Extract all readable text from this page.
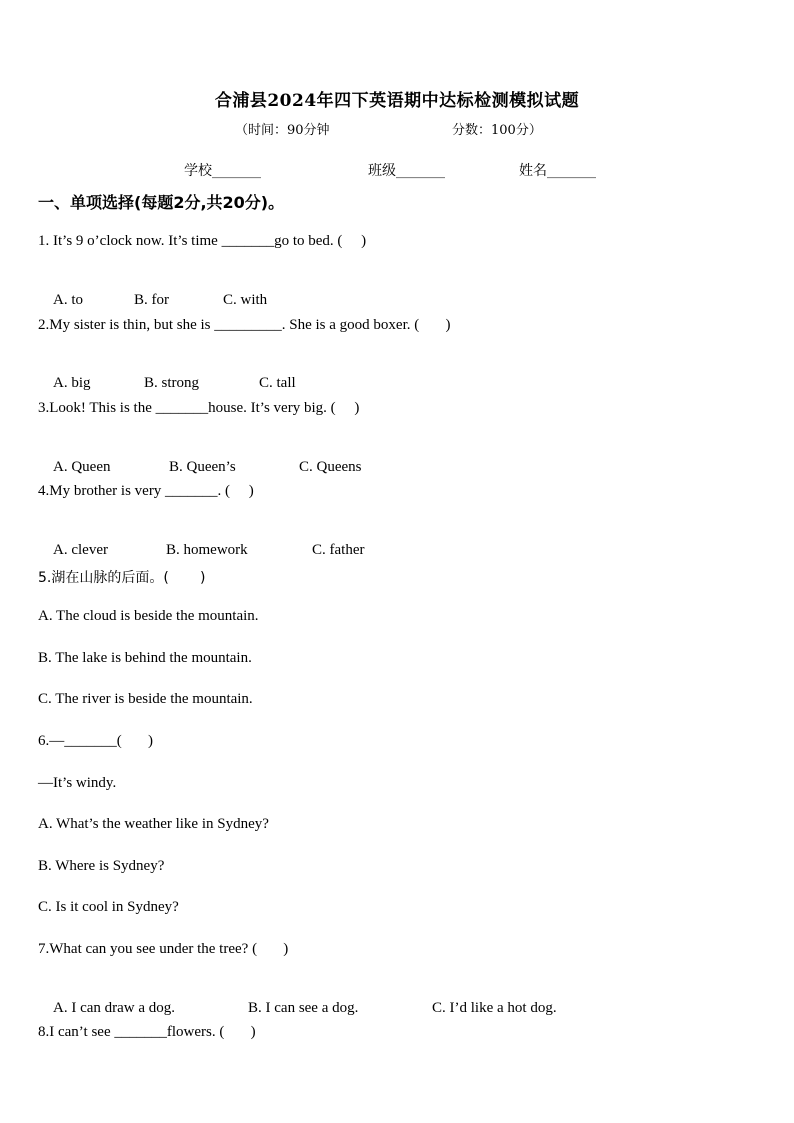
合浦县2024年四下英语期中达标检测模拟试题
（时间：90分钟	分数：100分）
学校_______	班级_______	姓名_______
一、单项选择(每题2分,共20分)。
1. It’s 9 o’clock now. It’s time _______go to bed. (     )

A. to	B. for	C. with

2.My sister is thin, but she is _________. She is a good boxer. (       )

A. big	B. strong	C. tall

3.Look! This is the _______house. It’s very big. (     )

A. Queen	B. Queen’s	C. Queens

4.My brother is very _______. (     )

A. clever	B. homework	C. father

5.湖在山脉的后面。(       )
A. The cloud is beside the mountain.
B. The lake is behind the mountain.
C. The river is beside the mountain.
6.—_______(       )
—It’s windy.
A. What’s the weather like in Sydney?
B. Where is Sydney?
C. Is it cool in Sydney?
7.What can you see under the tree? (       )

A. I can draw a dog.	B. I can see a dog.	C. I’d like a hot dog.

8.I can’t see _______flowers. (       )
